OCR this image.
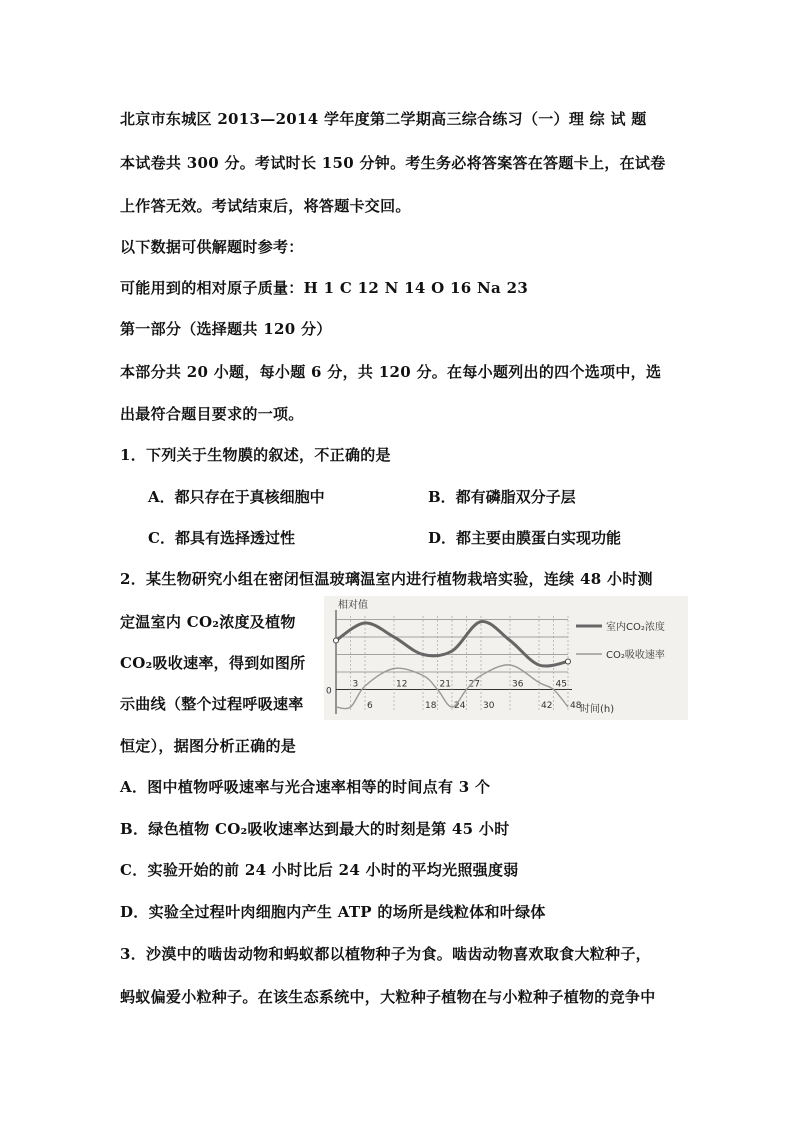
北京市东城区 2013—2014 学年度第二学期高三综合练习（一）理 综 试 题
本试卷共 300 分。考试时长 150 分钟。考生务必将答案答在答题卡上，在试卷
上作答无效。考试结束后，将答题卡交回。
以下数据可供解题时参考：
可能用到的相对原子质量：H 1 C 12 N 14 O 16 Na 23
第一部分（选择题共 120 分）
本部分共 20 小题，每小题 6 分，共 120 分。在每小题列出的四个选项中，选
出最符合题目要求的一项。
1．下列关于生物膜的叙述，不正确的是
A．都只存在于真核细胞中	B．都有磷脂双分子层
C．都具有选择透过性	D．都主要由膜蛋白实现功能
2．某生物研究小组在密闭恒温玻璃温室内进行植物栽培实验，连续 48 小时测
定温室内 CO₂浓度及植物
CO₂吸收速率，得到如图所
示曲线（整个过程呼吸速率
恒定），据图分析正确的是
相对值
时间(h)
室内CO₂浓度
CO₂吸收速率
3
6
12
18
21
24
27
30
36
42
45
48
0
A．图中植物呼吸速率与光合速率相等的时间点有 3 个
B．绿色植物 CO₂吸收速率达到最大的时刻是第 45 小时
C．实验开始的前 24 小时比后 24 小时的平均光照强度弱
D．实验全过程叶肉细胞内产生 ATP 的场所是线粒体和叶绿体
3．沙漠中的啮齿动物和蚂蚁都以植物种子为食。啮齿动物喜欢取食大粒种子，
蚂蚁偏爱小粒种子。在该生态系统中，大粒种子植物在与小粒种子植物的竞争中
